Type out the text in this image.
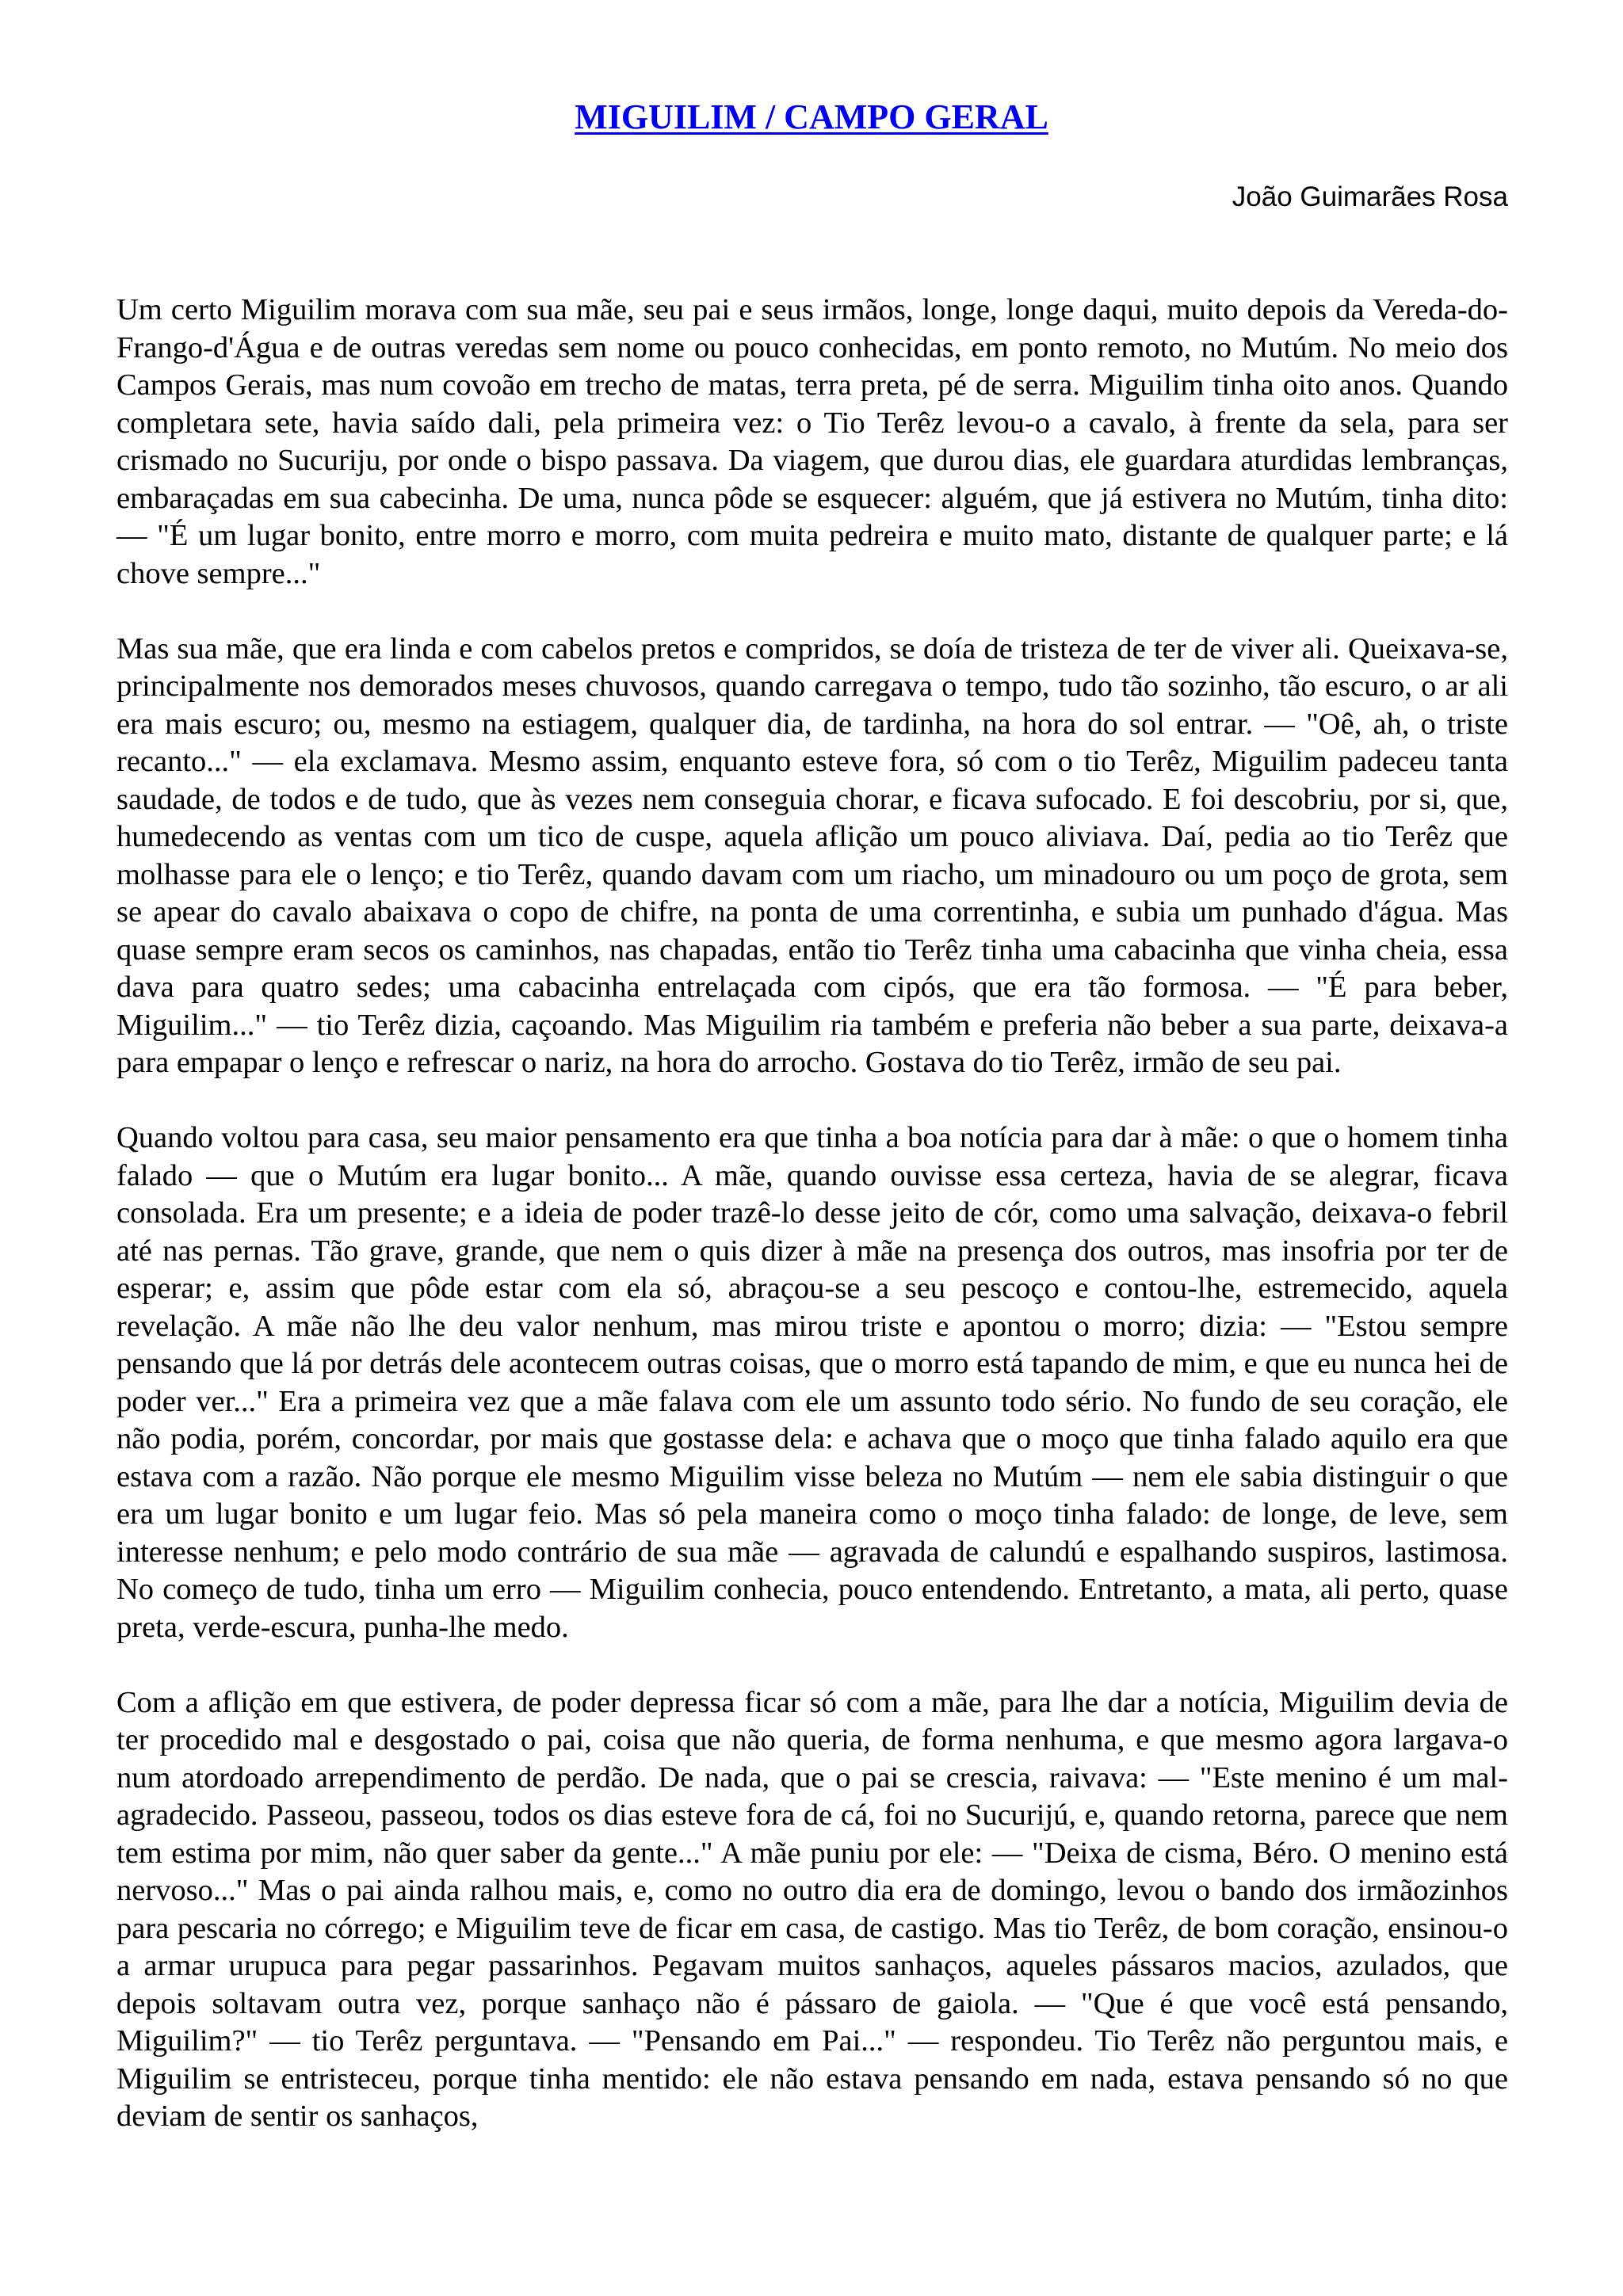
MIGUILIM / CAMPO GERAL
João Guimarães Rosa

Um certo Miguilim morava com sua mãe, seu pai e seus irmãos, longe, longe daqui, muito depois da Vereda-do-Frango-d'Água e de outras veredas sem nome ou pouco conhecidas, em ponto remoto, no Mutúm. No meio dos Campos Gerais, mas num covoão em trecho de matas, terra preta, pé de serra. Miguilim tinha oito anos. Quando completara sete, havia saído dali, pela primeira vez: o Tio Terêz levou-o a cavalo, à frente da sela, para ser crismado no Sucuriju, por onde o bispo passava. Da viagem, que durou dias, ele guardara aturdidas lembranças, embaraçadas em sua cabecinha. De uma, nunca pôde se esquecer: alguém, que já estivera no Mutúm, tinha dito: — "É um lugar bonito, entre morro e morro, com muita pedreira e muito mato, distante de qualquer parte; e lá chove sempre..."

Mas sua mãe, que era linda e com cabelos pretos e compridos, se doía de tristeza de ter de viver ali. Queixava-se, principalmente nos demorados meses chuvosos, quando carregava o tempo, tudo tão sozinho, tão escuro, o ar ali era mais escuro; ou, mesmo na estiagem, qualquer dia, de tardinha, na hora do sol entrar. — "Oê, ah, o triste recanto..." — ela exclamava. Mesmo assim, enquanto esteve fora, só com o tio Terêz, Miguilim padeceu tanta saudade, de todos e de tudo, que às vezes nem conseguia chorar, e ficava sufocado. E foi descobriu, por si, que, humedecendo as ventas com um tico de cuspe, aquela aflição um pouco aliviava. Daí, pedia ao tio Terêz que molhasse para ele o lenço; e tio Terêz, quando davam com um riacho, um minadouro ou um poço de grota, sem se apear do cavalo abaixava o copo de chifre, na ponta de uma correntinha, e subia um punhado d'água. Mas quase sempre eram secos os caminhos, nas chapadas, então tio Terêz tinha uma cabacinha que vinha cheia, essa dava para quatro sedes; uma cabacinha entrelaçada com cipós, que era tão formosa. — "É para beber, Miguilim..." — tio Terêz dizia, caçoando. Mas Miguilim ria também e preferia não beber a sua parte, deixava-a para empapar o lenço e refrescar o nariz, na hora do arrocho. Gostava do tio Terêz, irmão de seu pai.

Quando voltou para casa, seu maior pensamento era que tinha a boa notícia para dar à mãe: o que o homem tinha falado — que o Mutúm era lugar bonito... A mãe, quando ouvisse essa certeza, havia de se alegrar, ficava consolada. Era um presente; e a ideia de poder trazê-lo desse jeito de cór, como uma salvação, deixava-o febril até nas pernas. Tão grave, grande, que nem o quis dizer à mãe na presença dos outros, mas insofria por ter de esperar; e, assim que pôde estar com ela só, abraçou-se a seu pescoço e contou-lhe, estremecido, aquela revelação. A mãe não lhe deu valor nenhum, mas mirou triste e apontou o morro; dizia: — "Estou sempre pensando que lá por detrás dele acontecem outras coisas, que o morro está tapando de mim, e que eu nunca hei de poder ver..." Era a primeira vez que a mãe falava com ele um assunto todo sério. No fundo de seu coração, ele não podia, porém, concordar, por mais que gostasse dela: e achava que o moço que tinha falado aquilo era que estava com a razão. Não porque ele mesmo Miguilim visse beleza no Mutúm — nem ele sabia distinguir o que era um lugar bonito e um lugar feio. Mas só pela maneira como o moço tinha falado: de longe, de leve, sem interesse nenhum; e pelo modo contrário de sua mãe — agravada de calundú e espalhando suspiros, lastimosa. No começo de tudo, tinha um erro — Miguilim conhecia, pouco entendendo. Entretanto, a mata, ali perto, quase preta, verde-escura, punha-lhe medo.

Com a aflição em que estivera, de poder depressa ficar só com a mãe, para lhe dar a notícia, Miguilim devia de ter procedido mal e desgostado o pai, coisa que não queria, de forma nenhuma, e que mesmo agora largava-o num atordoado arrependimento de perdão. De nada, que o pai se crescia, raivava: — "Este menino é um mal-agradecido. Passeou, passeou, todos os dias esteve fora de cá, foi no Sucurijú, e, quando retorna, parece que nem tem estima por mim, não quer saber da gente..." A mãe puniu por ele: — "Deixa de cisma, Béro. O menino está nervoso..." Mas o pai ainda ralhou mais, e, como no outro dia era de domingo, levou o bando dos irmãozinhos para pescaria no córrego; e Miguilim teve de ficar em casa, de castigo. Mas tio Terêz, de bom coração, ensinou-o a armar urupuca para pegar passarinhos. Pegavam muitos sanhaços, aqueles pássaros macios, azulados, que depois soltavam outra vez, porque sanhaço não é pássaro de gaiola. — "Que é que você está pensando, Miguilim?" — tio Terêz perguntava. — "Pensando em Pai..." — respondeu. Tio Terêz não perguntou mais, e Miguilim se entristeceu, porque tinha mentido: ele não estava pensando em nada, estava pensando só no que deviam de sentir os sanhaços,
